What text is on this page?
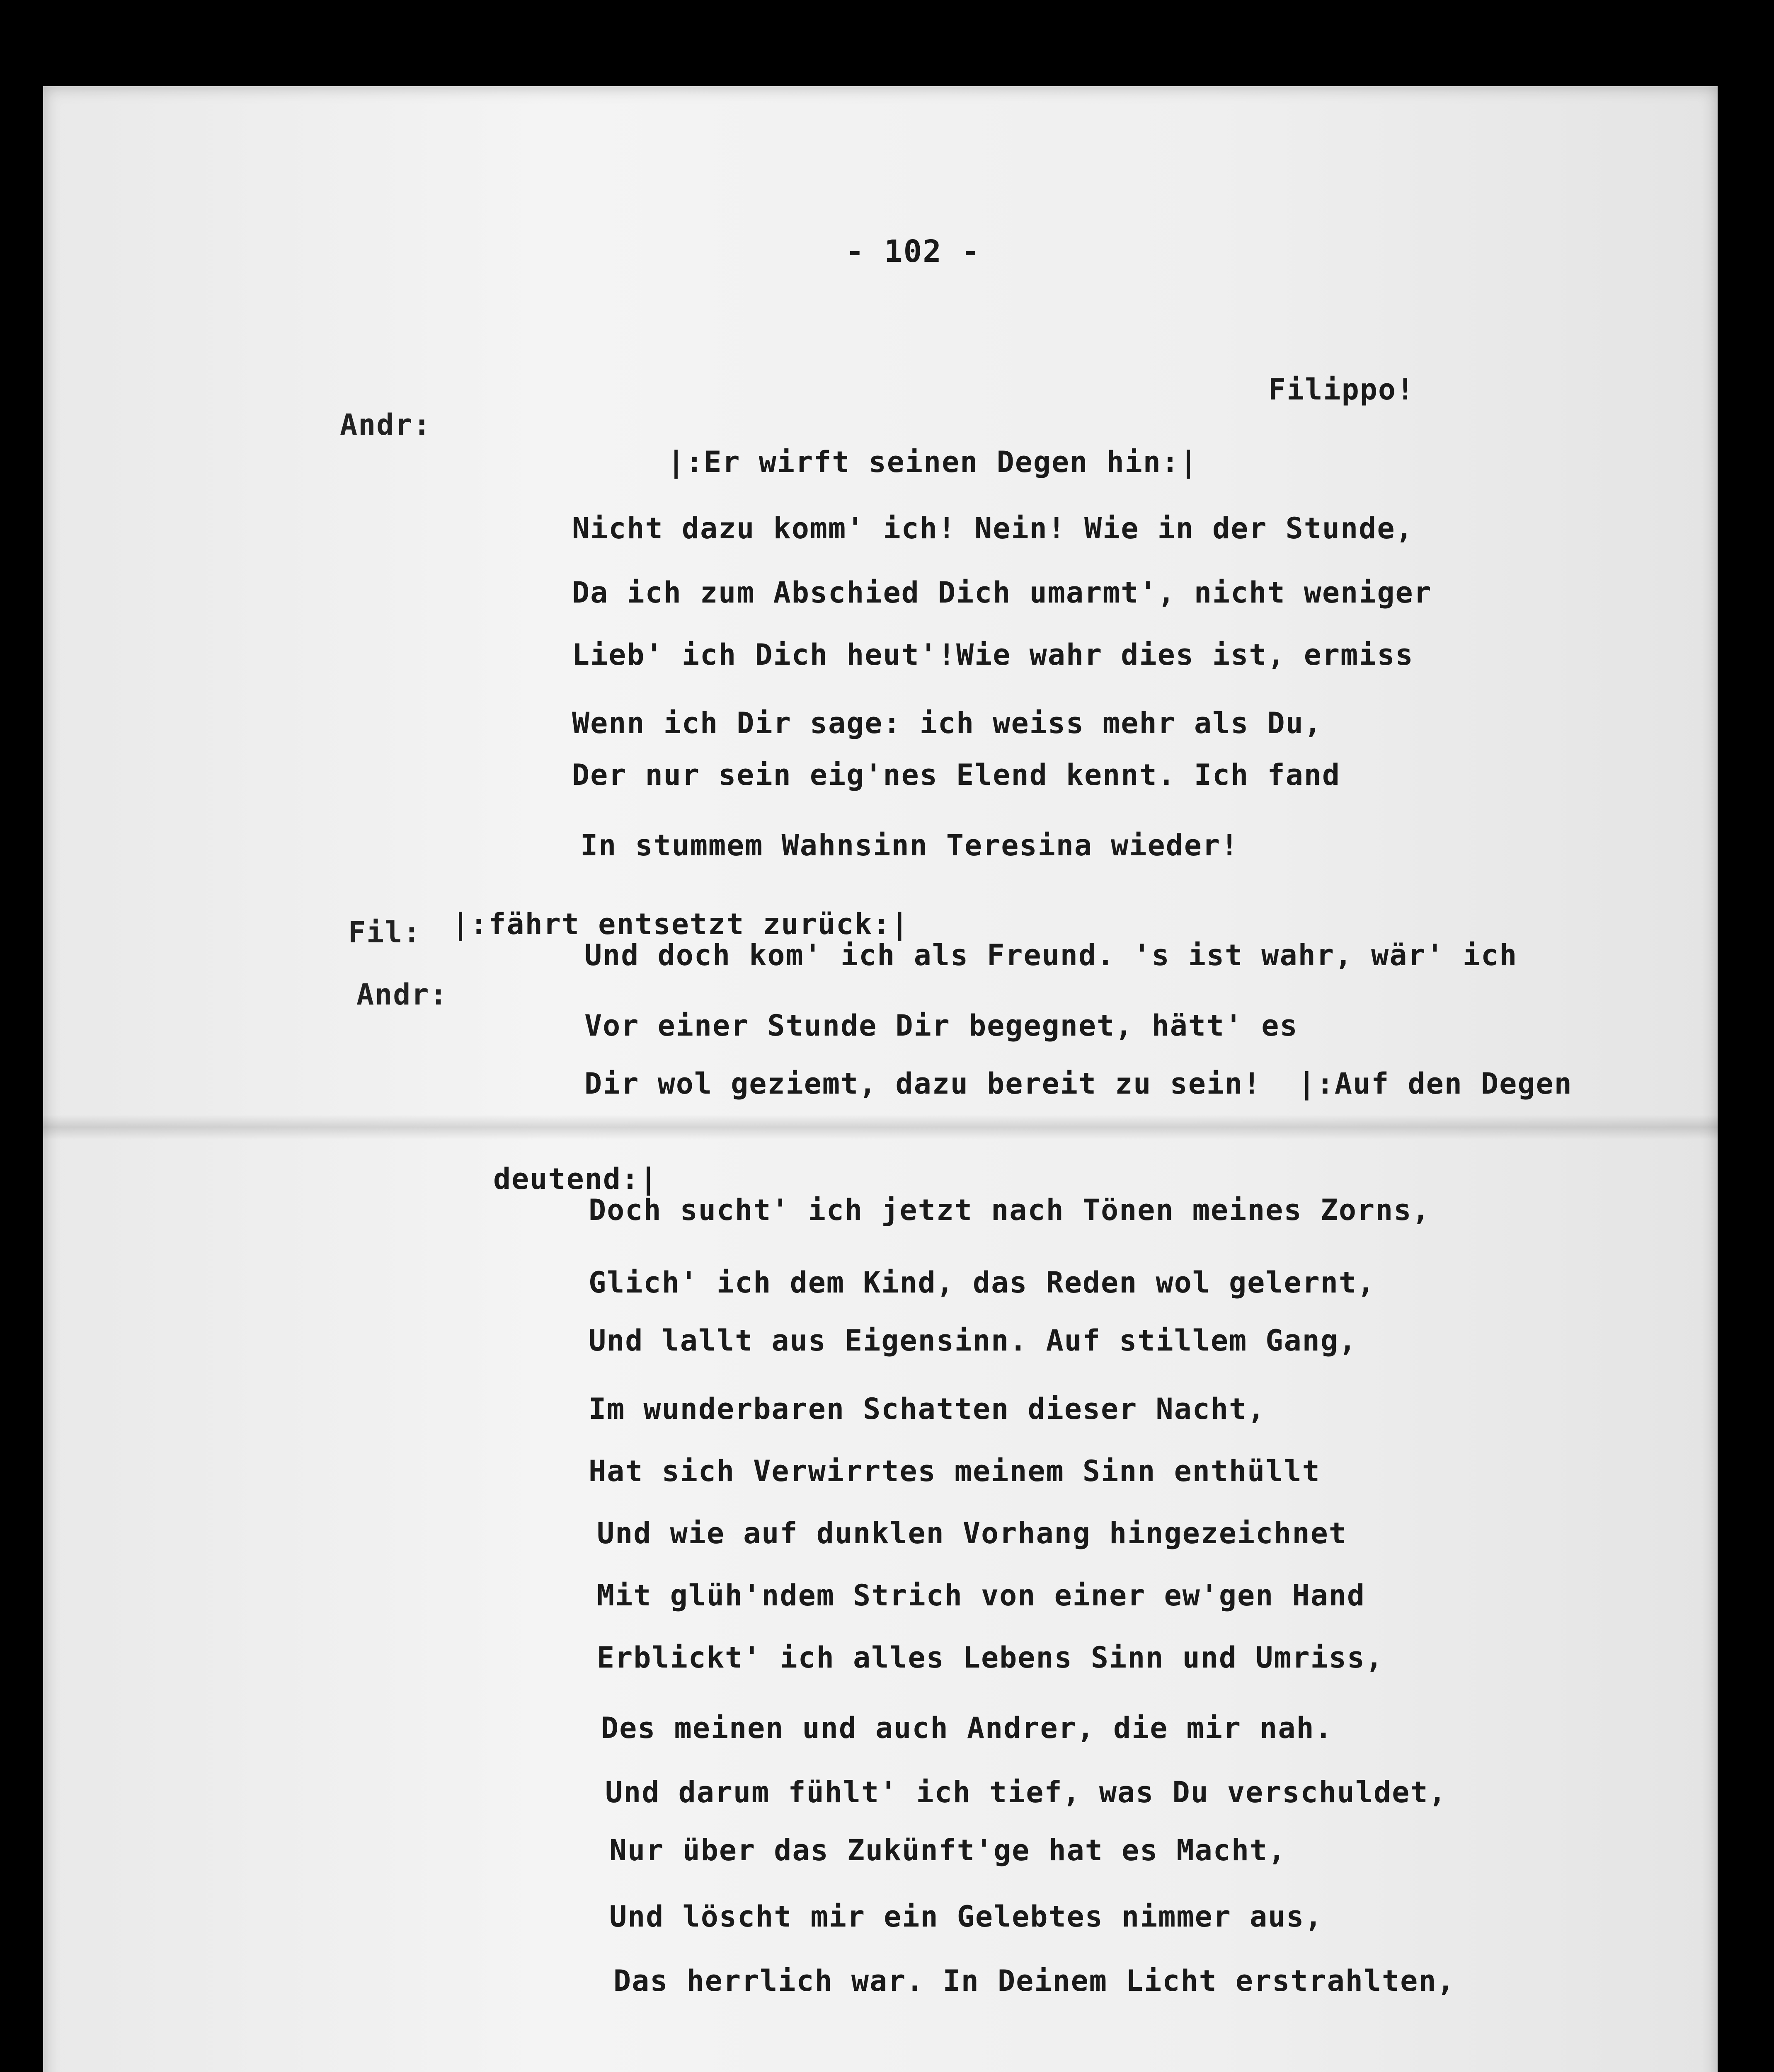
- 102 -
Andr:
Filippo!
|:Er wirft seinen Degen hin:|
Nicht dazu komm' ich! Nein! Wie in der Stunde,
Da ich zum Abschied Dich umarmt', nicht weniger
Lieb' ich Dich heut'!Wie wahr dies ist, ermiss
Wenn ich Dir sage: ich weiss mehr als Du,
Der nur sein eig'nes Elend kennt. Ich fand
In stummem Wahnsinn Teresina wieder!
Fil: |:fährt entsetzt zurück:|
Andr:
Und doch kom' ich als Freund. 's ist wahr, wär' ich
Vor einer Stunde Dir begegnet, hätt' es
Dir wol geziemt, dazu bereit zu sein!  |:Auf den Degen
deutend:|
Doch sucht' ich jetzt nach Tönen meines Zorns,
Glich' ich dem Kind, das Reden wol gelernt,
Und lallt aus Eigensinn. Auf stillem Gang,
Im wunderbaren Schatten dieser Nacht,
Hat sich Verwirrtes meinem Sinn enthüllt
Und wie auf dunklen Vorhang hingezeichnet
Mit glüh'ndem Strich von einer ew'gen Hand
Erblickt' ich alles Lebens Sinn und Umriss,
Des meinen und auch Andrer, die mir nah.
Und darum fühlt' ich tief, was Du verschuldet,
Nur über das Zukünft'ge hat es Macht,
Und löscht mir ein Gelebtes nimmer aus,
Das herrlich war. In Deinem Licht erstrahlten,
